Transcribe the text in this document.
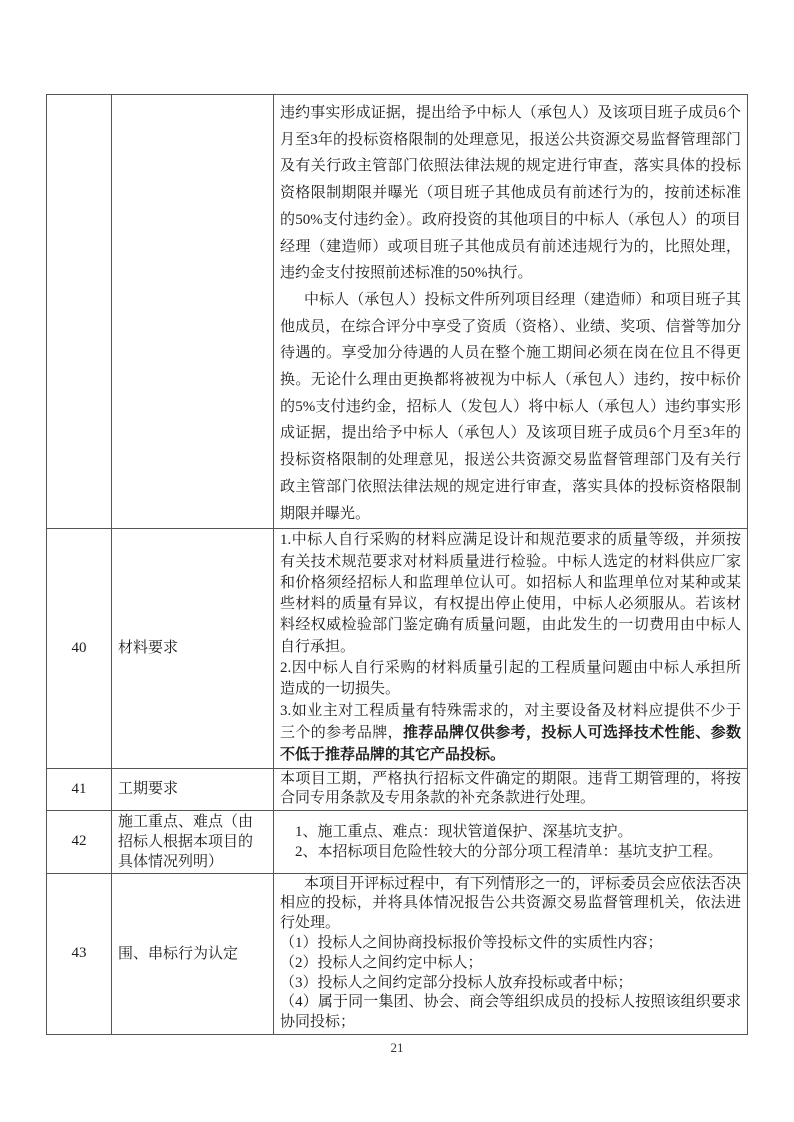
		违约事实形成证据，提出给予中标人（承包人）及该项目班子成员6个月至3年的投标资格限制的处理意见，报送公共资源交易监督管理部门及有关行政主管部门依照法律法规的规定进行审查，落实具体的投标资格限制期限并曝光（项目班子其他成员有前述行为的，按前述标准的50%支付违约金）。政府投资的其他项目的中标人（承包人）的项目经理（建造师）或项目班子其他成员有前述违规行为的，比照处理，违约金支付按照前述标准的50%执行。

中标人（承包人）投标文件所列项目经理（建造师）和项目班子其他成员，在综合评分中享受了资质（资格）、业绩、奖项、信誉等加分待遇的。享受加分待遇的人员在整个施工期间必须在岗在位且不得更换。无论什么理由更换都将被视为中标人（承包人）违约，按中标价的5%支付违约金，招标人（发包人）将中标人（承包人）违约事实形成证据，提出给予中标人（承包人）及该项目班子成员6个月至3年的投标资格限制的处理意见，报送公共资源交易监督管理部门及有关行政主管部门依照法律法规的规定进行审查，落实具体的投标资格限制期限并曝光。

40	材料要求	1.中标人自行采购的材料应满足设计和规范要求的质量等级，并须按有关技术规范要求对材料质量进行检验。中标人选定的材料供应厂家和价格须经招标人和监理单位认可。如招标人和监理单位对某种或某些材料的质量有异议，有权提出停止使用，中标人必须服从。若该材料经权威检验部门鉴定确有质量问题，由此发生的一切费用由中标人自行承担。

2.因中标人自行采购的材料质量引起的工程质量问题由中标人承担所造成的一切损失。

3.如业主对工程质量有特殊需求的，对主要设备及材料应提供不少于三个的参考品牌，推荐品牌仅供参考，投标人可选择技术性能、参数不低于推荐品牌的其它产品投标。

41	工期要求	本项目工期，严格执行招标文件确定的期限。违背工期管理的，将按合同专用条款及专用条款的补充条款进行处理。

42	施工重点、难点（由招标人根据本项目的具体情况列明）	1、施工重点、难点：现状管道保护、深基坑支护。

2、本招标项目危险性较大的分部分项工程清单：基坑支护工程。

43	围、串标行为认定	本项目开评标过程中，有下列情形之一的，评标委员会应依法否决相应的投标，并将具体情况报告公共资源交易监督管理机关，依法进行处理。

（1）投标人之间协商投标报价等投标文件的实质性内容；

（2）投标人之间约定中标人；

（3）投标人之间约定部分投标人放弃投标或者中标；

（4）属于同一集团、协会、商会等组织成员的投标人按照该组织要求协同投标；

21
